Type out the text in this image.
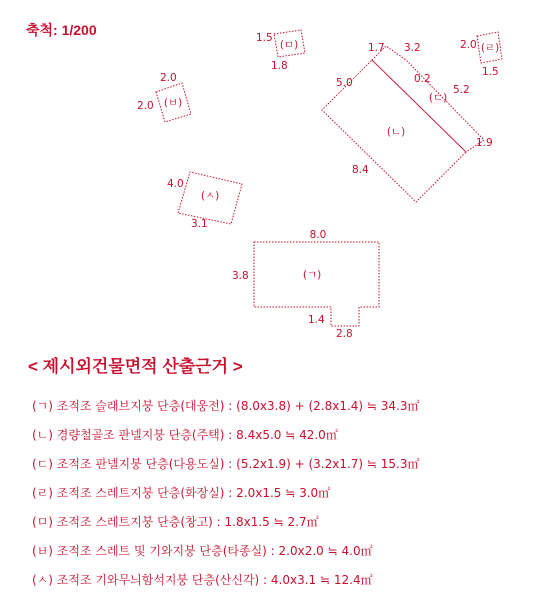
축척: 1/200
(ㄱ)
8.0
3.8
1.4
2.8
(ㄴ)
5.0
8.4
(ㄷ)
1.7 3.2
0.2
5.2
1.9
(ㄹ)
2.0
1.5
(ㅁ)
1.5
1.8
(ㅂ)
2.0
2.0
(ㅅ)
4.0
3.1
< 제시외건물면적 산출근거 >
(ㄱ) 조적조 슬래브지붕 단층(대웅전) : (8.0x3.8) + (2.8x1.4) ≒ 34.3㎡
(ㄴ) 경량철골조 판넬지붕 단층(주택) : 8.4x5.0 ≒ 42.0㎡
(ㄷ) 조적조 판넬지붕 단층(다용도실) : (5.2x1.9) + (3.2x1.7) ≒ 15.3㎡
(ㄹ) 조적조 스레트지붕 단층(화장실) : 2.0x1.5 ≒ 3.0㎡
(ㅁ) 조적조 스레트지붕 단층(창고) : 1.8x1.5 ≒ 2.7㎡
(ㅂ) 조적조 스레트 및 기와지붕 단층(타종실) : 2.0x2.0 ≒ 4.0㎡
(ㅅ) 조적조 기와무늬함석지붕 단층(산신각) : 4.0x3.1 ≒ 12.4㎡
